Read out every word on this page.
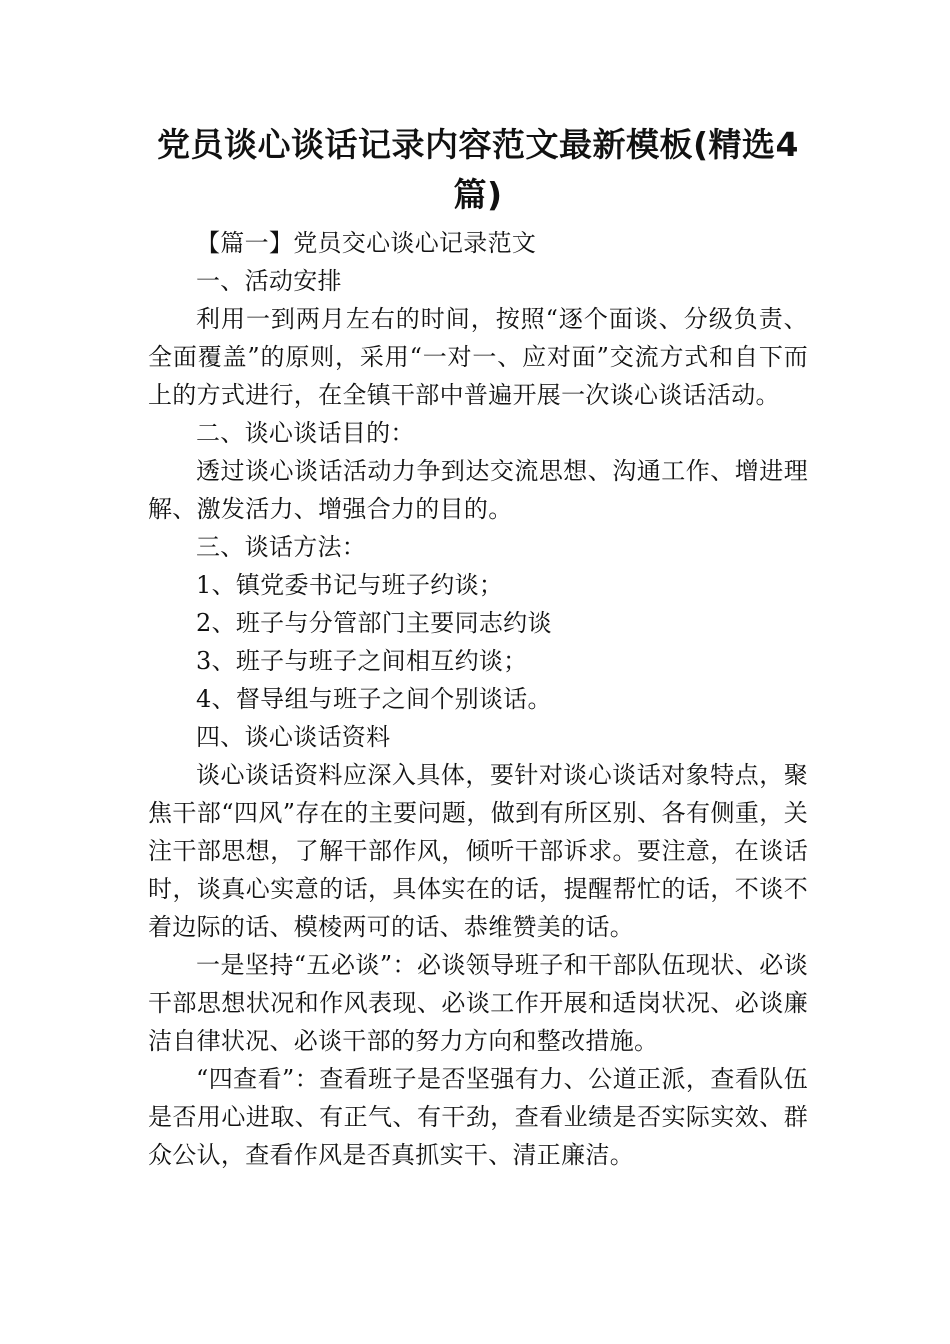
党员谈心谈话记录内容范文最新模板(精选4篇)

【篇一】党员交心谈心记录范文

一、活动安排

利用一到两月左右的时间，按照“逐个面谈、分级负责、全面覆盖”的原则，采用“一对一、应对面”交流方式和自下而上的方式进行，在全镇干部中普遍开展一次谈心谈话活动。

二、谈心谈话目的：

透过谈心谈话活动力争到达交流思想、沟通工作、增进理解、激发活力、增强合力的目的。

三、谈话方法：

1、镇党委书记与班子约谈；

2、班子与分管部门主要同志约谈

3、班子与班子之间相互约谈；

4、督导组与班子之间个别谈话。

四、谈心谈话资料

谈心谈话资料应深入具体，要针对谈心谈话对象特点，聚焦干部“四风”存在的主要问题，做到有所区别、各有侧重，关注干部思想，了解干部作风，倾听干部诉求。要注意，在谈话时，谈真心实意的话，具体实在的话，提醒帮忙的话，不谈不着边际的话、模棱两可的话、恭维赞美的话。

一是坚持“五必谈”：必谈领导班子和干部队伍现状、必谈干部思想状况和作风表现、必谈工作开展和适岗状况、必谈廉洁自律状况、必谈干部的努力方向和整改措施。

“四查看”：查看班子是否坚强有力、公道正派，查看队伍是否用心进取、有正气、有干劲，查看业绩是否实际实效、群众公认，查看作风是否真抓实干、清正廉洁。
